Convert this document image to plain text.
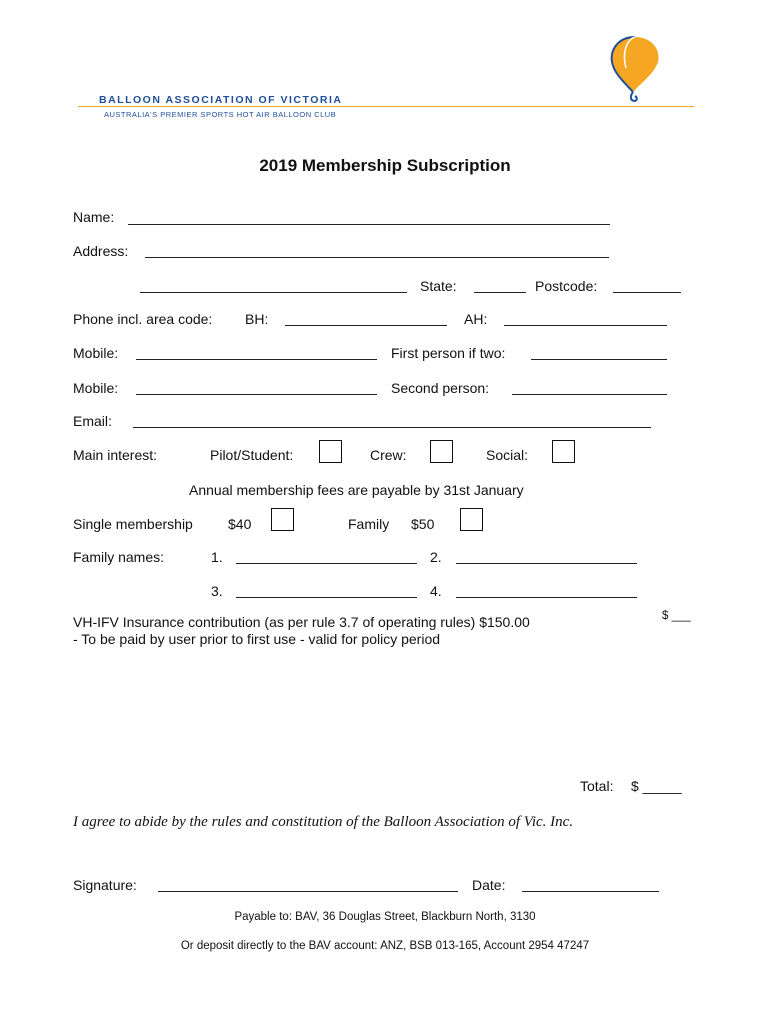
BALLOON ASSOCIATION OF VICTORIA
AUSTRALIA'S PREMIER SPORTS HOT AIR BALLOON CLUB
2019 Membership Subscription
Name:
Address:
State:	Postcode:
Phone incl. area code: BH:	AH:
Mobile:	First person if two:
Mobile:	Second person:
Email:
Main interest:	Pilot/Student:	Crew:	Social:
Annual membership fees are payable by 31st January
Single membership	$40	Family $50
Family names:	1.	2.
3.	4.
VH-IFV Insurance contribution (as per rule 3.7 of operating rules) $150.00
- To be paid by user prior to first use - valid for policy period
$ ___
Total: $ _____
I agree to abide by the rules and constitution of the Balloon Association of Vic. Inc.
Signature:	Date:
Payable to: BAV, 36 Douglas Street, Blackburn North, 3130
Or deposit directly to the BAV account: ANZ, BSB 013-165, Account 2954 47247
